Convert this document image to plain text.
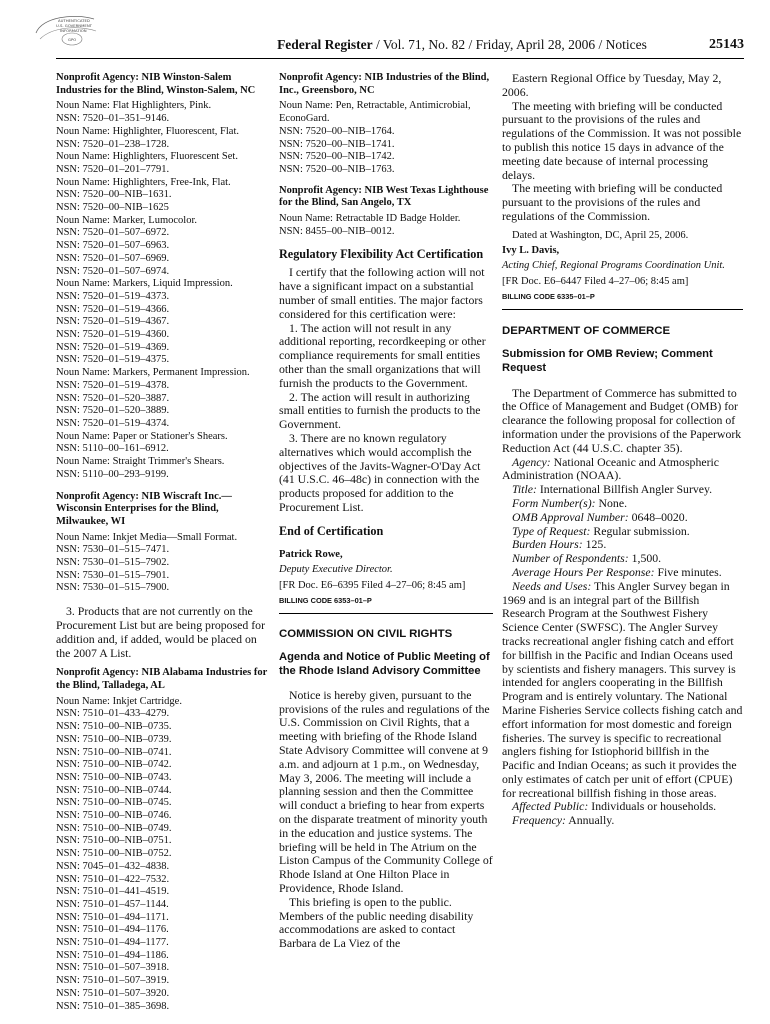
AUTHENTICATED
U.S. GOVERNMENT
INFORMATION
GPO	Federal Register / Vol. 71, No. 82 / Friday, April 28, 2006 / Notices	25143
Nonprofit Agency: NIB Winston-Salem Industries for the Blind, Winston-Salem, NC
Noun Name: Flat Highlighters, Pink.
NSN: 7520–01–351–9146.
Noun Name: Highlighter, Fluorescent, Flat.
NSN: 7520–01–238–1728.
Noun Name: Highlighters, Fluorescent Set.
NSN: 7520–01–201–7791.
Noun Name: Highlighters, Free-Ink, Flat.
NSN: 7520–00–NIB–1631.
NSN: 7520–00–NIB–1625
Noun Name: Marker, Lumocolor.
NSN: 7520–01–507–6972.
NSN: 7520–01–507–6963.
NSN: 7520–01–507–6969.
NSN: 7520–01–507–6974.
Noun Name: Markers, Liquid Impression.
NSN: 7520–01–519–4373.
NSN: 7520–01–519–4366.
NSN: 7520–01–519–4367.
NSN: 7520–01–519–4360.
NSN: 7520–01–519–4369.
NSN: 7520–01–519–4375.
Noun Name: Markers, Permanent Impression.
NSN: 7520–01–519–4378.
NSN: 7520–01–520–3887.
NSN: 7520–01–520–3889.
NSN: 7520–01–519–4374.
Noun Name: Paper or Stationer's Shears.
NSN: 5110–00–161–6912.
Noun Name: Straight Trimmer's Shears.
NSN: 5110–00–293–9199.
Nonprofit Agency: NIB Wiscraft Inc.—Wisconsin Enterprises for the Blind, Milwaukee, WI
Noun Name: Inkjet Media—Small Format.
NSN: 7530–01–515–7471.
NSN: 7530–01–515–7902.
NSN: 7530–01–515–7901.
NSN: 7530–01–515–7900.
3. Products that are not currently on the Procurement List but are being proposed for addition and, if added, would be placed on the 2007 A List.
Nonprofit Agency: NIB Alabama Industries for the Blind, Talladega, AL
Noun Name: Inkjet Cartridge.
NSN: 7510–01–433–4279.
NSN: 7510–00–NIB–0735.
NSN: 7510–00–NIB–0739.
NSN: 7510–00–NIB–0741.
NSN: 7510–00–NIB–0742.
NSN: 7510–00–NIB–0743.
NSN: 7510–00–NIB–0744.
NSN: 7510–00–NIB–0745.
NSN: 7510–00–NIB–0746.
NSN: 7510–00–NIB–0749.
NSN: 7510–00–NIB–0751.
NSN: 7510–00–NIB–0752.
NSN: 7045–01–432–4838.
NSN: 7510–01–422–7532.
NSN: 7510–01–441–4519.
NSN: 7510–01–457–1144.
NSN: 7510–01–494–1171.
NSN: 7510–01–494–1176.
NSN: 7510–01–494–1177.
NSN: 7510–01–494–1186.
NSN: 7510–01–507–3918.
NSN: 7510–01–507–3919.
NSN: 7510–01–507–3920.
NSN: 7510–01–385–3698.
Nonprofit Agency: NIB Industries of the Blind, Inc., Greensboro, NC
Noun Name: Pen, Retractable, Antimicrobial,
EconoGard.
NSN: 7520–00–NIB–1764.
NSN: 7520–00–NIB–1741.
NSN: 7520–00–NIB–1742.
NSN: 7520–00–NIB–1763.
Nonprofit Agency: NIB West Texas Lighthouse for the Blind, San Angelo, TX
Noun Name: Retractable ID Badge Holder.
NSN: 8455–00–NIB–0012.
Regulatory Flexibility Act Certification
I certify that the following action will not have a significant impact on a substantial number of small entities. The major factors considered for this certification were:
1. The action will not result in any additional reporting, recordkeeping or other compliance requirements for small entities other than the small organizations that will furnish the products to the Government.
2. The action will result in authorizing small entities to furnish the products to the Government.
3. There are no known regulatory alternatives which would accomplish the objectives of the Javits-Wagner-O'Day Act (41 U.S.C. 46–48c) in connection with the products proposed for addition to the Procurement List.
End of Certification
Patrick Rowe,
Deputy Executive Director.
[FR Doc. E6–6395 Filed 4–27–06; 8:45 am]
BILLING CODE 6353–01–P
COMMISSION ON CIVIL RIGHTS
Agenda and Notice of Public Meeting of the Rhode Island Advisory Committee
Notice is hereby given, pursuant to the provisions of the rules and regulations of the U.S. Commission on Civil Rights, that a meeting with briefing of the Rhode Island State Advisory Committee will convene at 9 a.m. and adjourn at 1 p.m., on Wednesday, May 3, 2006. The meeting will include a planning session and then the Committee will conduct a briefing to hear from experts on the disparate treatment of minority youth in the education and justice systems. The briefing will be held in The Atrium on the Liston Campus of the Community College of Rhode Island at One Hilton Place in Providence, Rhode Island.
This briefing is open to the public. Members of the public needing disability accommodations are asked to contact Barbara de La Viez of the
Eastern Regional Office by Tuesday, May 2, 2006.
The meeting with briefing will be conducted pursuant to the provisions of the rules and regulations of the Commission. It was not possible to publish this notice 15 days in advance of the meeting date because of internal processing delays.
The meeting with briefing will be conducted pursuant to the provisions of the rules and regulations of the Commission.
Dated at Washington, DC, April 25, 2006.
Ivy L. Davis,
Acting Chief, Regional Programs Coordination Unit.
[FR Doc. E6–6447 Filed 4–27–06; 8:45 am]
BILLING CODE 6335–01–P
DEPARTMENT OF COMMERCE
Submission for OMB Review; Comment Request
The Department of Commerce has submitted to the Office of Management and Budget (OMB) for clearance the following proposal for collection of information under the provisions of the Paperwork Reduction Act (44 U.S.C. chapter 35).
Agency: National Oceanic and Atmospheric Administration (NOAA).
Title: International Billfish Angler Survey.
Form Number(s): None.
OMB Approval Number: 0648–0020.
Type of Request: Regular submission.
Burden Hours: 125.
Number of Respondents: 1,500.
Average Hours Per Response: Five minutes.
Needs and Uses: This Angler Survey began in 1969 and is an integral part of the Billfish Research Program at the Southwest Fishery Science Center (SWFSC). The Angler Survey tracks recreational angler fishing catch and effort for billfish in the Pacific and Indian Oceans used by scientists and fishery managers. This survey is intended for anglers cooperating in the Billfish Program and is entirely voluntary. The National Marine Fisheries Service collects fishing catch and effort information for most domestic and foreign fisheries. The survey is specific to recreational anglers fishing for Istiophorid billfish in the Pacific and Indian Oceans; as such it provides the only estimates of catch per unit of effort (CPUE) for recreational billfish fishing in those areas.
Affected Public: Individuals or households.
Frequency: Annually.
